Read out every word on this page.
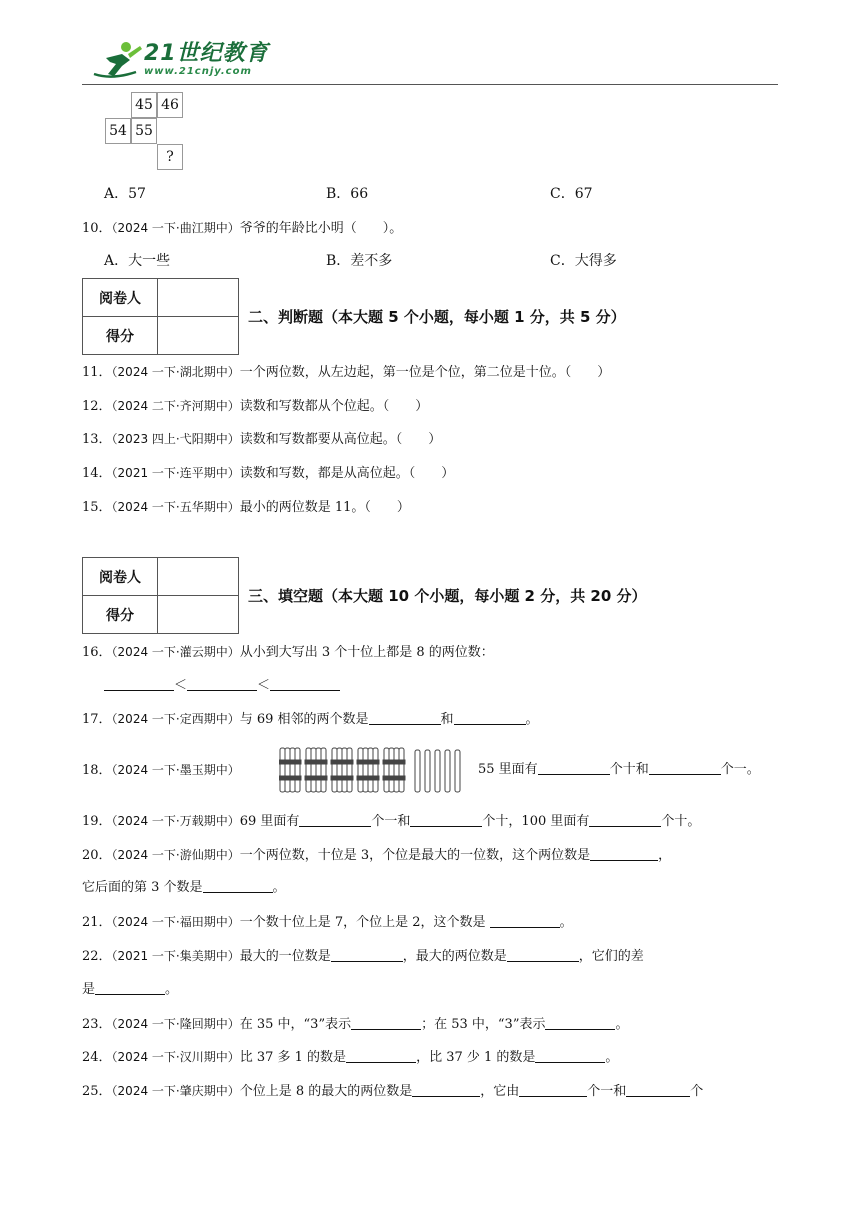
21世纪教育
www.21cnjy.com
45 46
54 55
?
A．57	B．66	C．67
10．（2024 一下·曲江期中）爷爷的年龄比小明（　　）。
A．大一些	B．差不多	C．大得多
阅卷人	
得分	
二、判断题（本大题 5 个小题，每小题 1 分，共 5 分）
11．（2024 一下·湖北期中）一个两位数，从左边起，第一位是个位，第二位是十位。（　　）
12．（2024 二下·齐河期中）读数和写数都从个位起。（　　）
13．（2023 四上·弋阳期中）读数和写数都要从高位起。（　　）
14．（2021 一下·连平期中）读数和写数，都是从高位起。（　　）
15．（2024 一下·五华期中）最小的两位数是 11。（　　）
阅卷人	
得分	
三、填空题（本大题 10 个小题，每小题 2 分，共 20 分）
16．（2024 一下·灌云期中）从小到大写出 3 个十位上都是 8 的两位数：
＜	＜
17．（2024 一下·定西期中）与 69 相邻的两个数是	和	。
18．（2024 一下·墨玉期中）	55 里面有	个十和	个一。
19．（2024 一下·万载期中）69 里面有	个一和	个十，100 里面有	个十。
20．（2024 一下·游仙期中）一个两位数，十位是 3，个位是最大的一位数，这个两位数是	，
它后面的第 3 个数是	。
21．（2024 一下·福田期中）一个数十位上是 7，个位上是 2，这个数是	。
22．（2021 一下·集美期中）最大的一位数是	，最大的两位数是	，它们的差
是	。
23．（2024 一下·隆回期中）在 35 中，“3”表示	；在 53 中，“3”表示	。
24．（2024 一下·汉川期中）比 37 多 1 的数是	，比 37 少 1 的数是	。
25．（2024 一下·肇庆期中）个位上是 8 的最大的两位数是	，它由	个一和	个
